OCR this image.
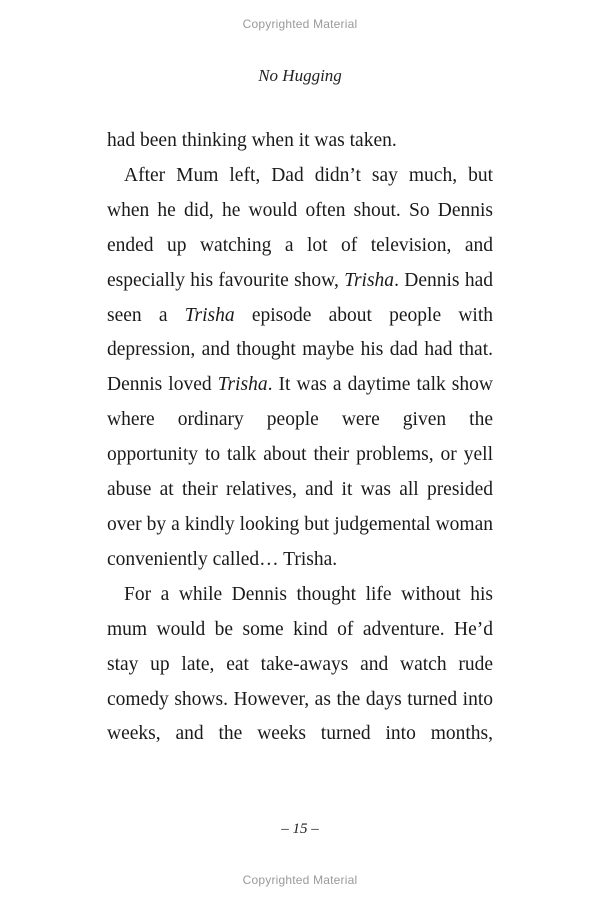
Copyrighted Material
No Hugging

had been thinking when it was taken.

After Mum left, Dad didn’t say much, but when he did, he would often shout. So Dennis ended up watching a lot of television, and especially his favourite show, Trisha. Dennis had seen a Trisha episode about people with depression, and thought maybe his dad had that. Dennis loved Trisha. It was a daytime talk show where ordinary people were given the opportunity to talk about their problems, or yell abuse at their relatives, and it was all presided over by a kindly looking but judgemental woman conveniently called… Trisha.

For a while Dennis thought life without his mum would be some kind of adventure. He’d stay up late, eat take-aways and watch rude comedy shows. However, as the days turned into weeks, and the weeks turned into months,

– 15 –
Copyrighted Material
